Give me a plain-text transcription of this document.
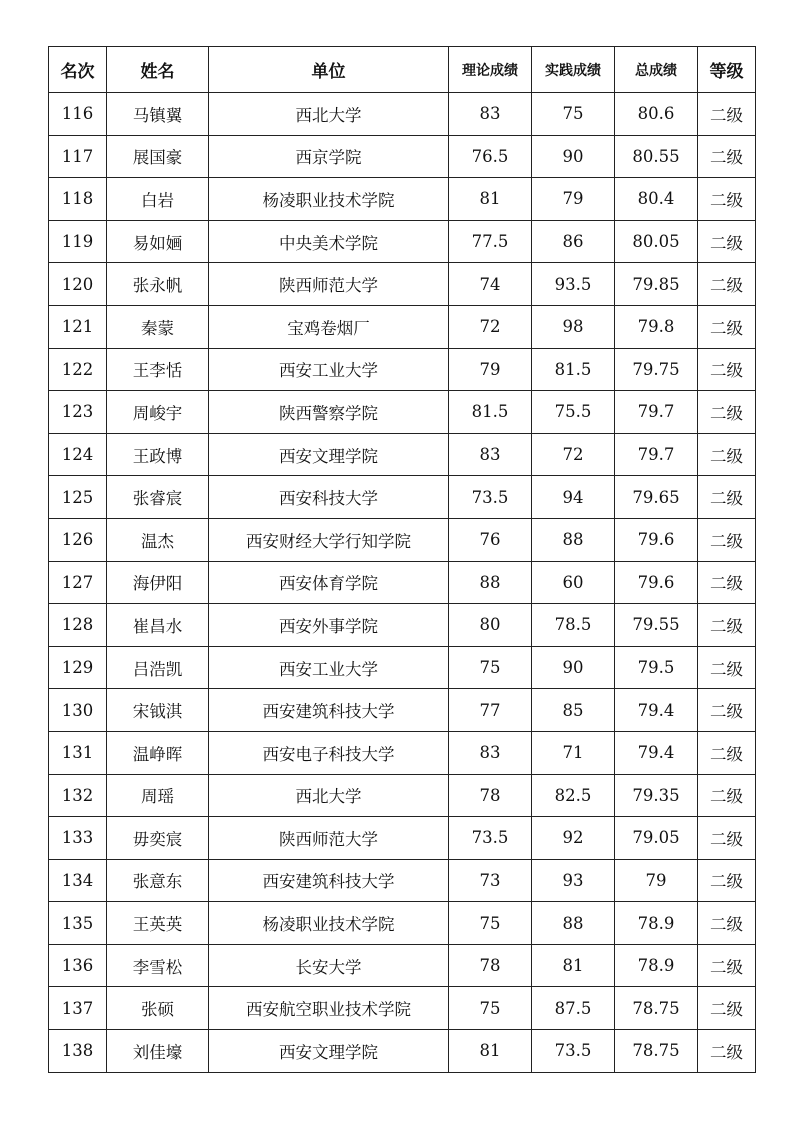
名次	姓名	单位	理论成绩	实践成绩	总成绩	等级
116	马镇翼	西北大学	83	75	80.6	二级
117	展国豪	西京学院	76.5	90	80.55	二级
118	白岩	杨凌职业技术学院	81	79	80.4	二级
119	易如婳	中央美术学院	77.5	86	80.05	二级
120	张永帆	陕西师范大学	74	93.5	79.85	二级
121	秦蒙	宝鸡卷烟厂	72	98	79.8	二级
122	王李恬	西安工业大学	79	81.5	79.75	二级
123	周峻宇	陕西警察学院	81.5	75.5	79.7	二级
124	王政博	西安文理学院	83	72	79.7	二级
125	张睿宸	西安科技大学	73.5	94	79.65	二级
126	温杰	西安财经大学行知学院	76	88	79.6	二级
127	海伊阳	西安体育学院	88	60	79.6	二级
128	崔昌水	西安外事学院	80	78.5	79.55	二级
129	吕浩凯	西安工业大学	75	90	79.5	二级
130	宋钺淇	西安建筑科技大学	77	85	79.4	二级
131	温峥晖	西安电子科技大学	83	71	79.4	二级
132	周瑶	西北大学	78	82.5	79.35	二级
133	毋奕宸	陕西师范大学	73.5	92	79.05	二级
134	张意东	西安建筑科技大学	73	93	79	二级
135	王英英	杨凌职业技术学院	75	88	78.9	二级
136	李雪松	长安大学	78	81	78.9	二级
137	张硕	西安航空职业技术学院	75	87.5	78.75	二级
138	刘佳壕	西安文理学院	81	73.5	78.75	二级
